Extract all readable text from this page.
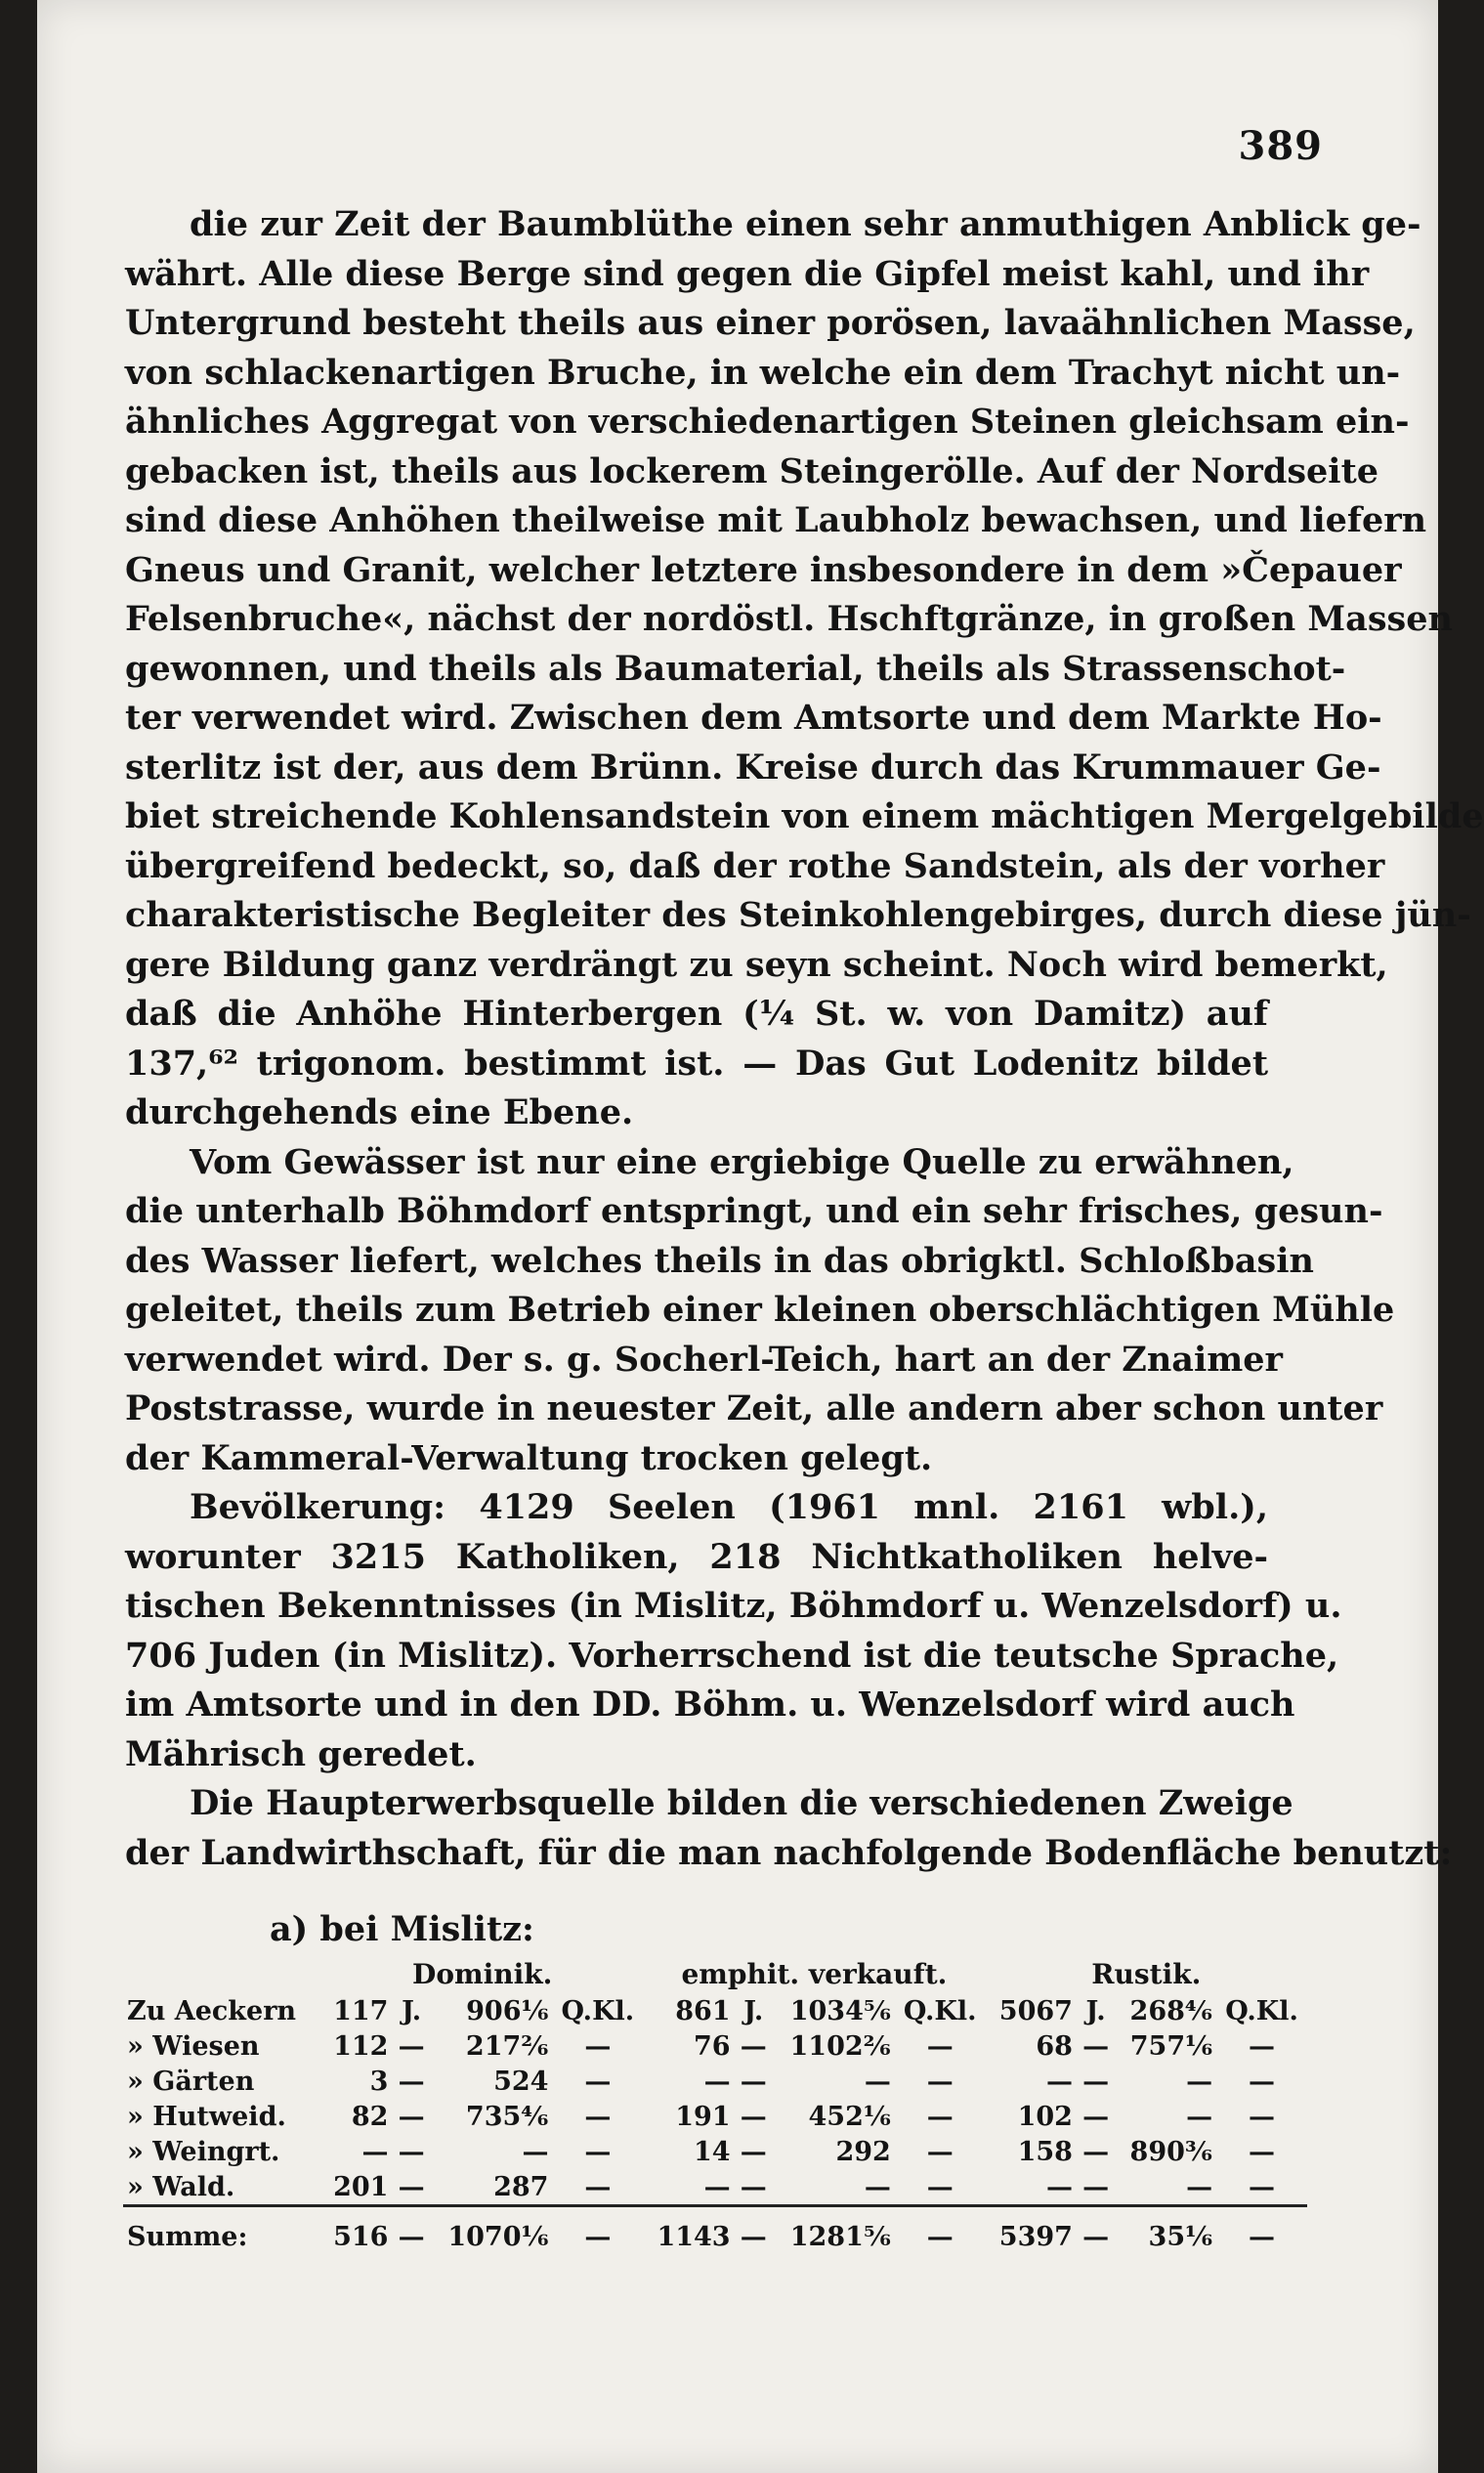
389
die zur Zeit der Baumblüthe einen sehr anmuthigen Anblick ge-
währt. Alle diese Berge sind gegen die Gipfel meist kahl, und ihr
Untergrund besteht theils aus einer porösen, lavaähnlichen Masse,
von schlackenartigen Bruche, in welche ein dem Trachyt nicht un-
ähnliches Aggregat von verschiedenartigen Steinen gleichsam ein-
gebacken ist, theils aus lockerem Steingerölle. Auf der Nordseite
sind diese Anhöhen theilweise mit Laubholz bewachsen, und liefern
Gneus und Granit, welcher letztere insbesondere in dem »Čepauer
Felsenbruche«, nächst der nordöstl. Hschftgränze, in großen Massen
gewonnen, und theils als Baumaterial, theils als Strassenschot-
ter verwendet wird. Zwischen dem Amtsorte und dem Markte Ho-
sterlitz ist der, aus dem Brünn. Kreise durch das Krummauer Ge-
biet streichende Kohlensandstein von einem mächtigen Mergelgebilde
übergreifend bedeckt, so, daß der rothe Sandstein, als der vorher
charakteristische Begleiter des Steinkohlengebirges, durch diese jün-
gere Bildung ganz verdrängt zu seyn scheint. Noch wird bemerkt,
daß die Anhöhe Hinterbergen (¼ St. w. von Damitz) auf
137,⁶² trigonom. bestimmt ist. — Das Gut Lodenitz bildet
durchgehends eine Ebene.
Vom Gewässer ist nur eine ergiebige Quelle zu erwähnen,
die unterhalb Böhmdorf entspringt, und ein sehr frisches, gesun-
des Wasser liefert, welches theils in das obrigktl. Schloßbasin
geleitet, theils zum Betrieb einer kleinen oberschlächtigen Mühle
verwendet wird. Der s. g. Socherl-Teich, hart an der Znaimer
Poststrasse, wurde in neuester Zeit, alle andern aber schon unter
der Kammeral-Verwaltung trocken gelegt.
Bevölkerung: 4129 Seelen (1961 mnl. 2161 wbl.),
worunter 3215 Katholiken, 218 Nichtkatholiken helve-
tischen Bekenntnisses (in Mislitz, Böhmdorf u. Wenzelsdorf) u.
706 Juden (in Mislitz). Vorherrschend ist die teutsche Sprache,
im Amtsorte und in den DD. Böhm. u. Wenzelsdorf wird auch
Mährisch geredet.
Die Haupterwerbsquelle bilden die verschiedenen Zweige
der Landwirthschaft, für die man nachfolgende Bodenfläche benutzt:
a) bei Mislitz:
	Dominik.				emphit. verkauft.				Rustik.			
Zu Aeckern	117	J.	906⅙	Q.Kl.	861	J.	1034⅚	Q.Kl.	5067	J.	268⁴⁄₆	Q.Kl.
» Wiesen	112	—	217²⁄₆	—	76	—	1102²⁄₆	—	68	—	757⅙	—
» Gärten	3	—	524	—	—	—	—	—	—	—	—	—
» Hutweid.	82	—	735⁴⁄₆	—	191	—	452⅙	—	102	—	—	—
» Weingrt.	—	—	—	—	14	—	292	—	158	—	890³⁄₆	—
» Wald.	201	—	287	—	—	—	—	—	—	—	—	—
Summe:	516	—	1070⅙	—	1143	—	1281⅚	—	5397	—	35⅙	—
